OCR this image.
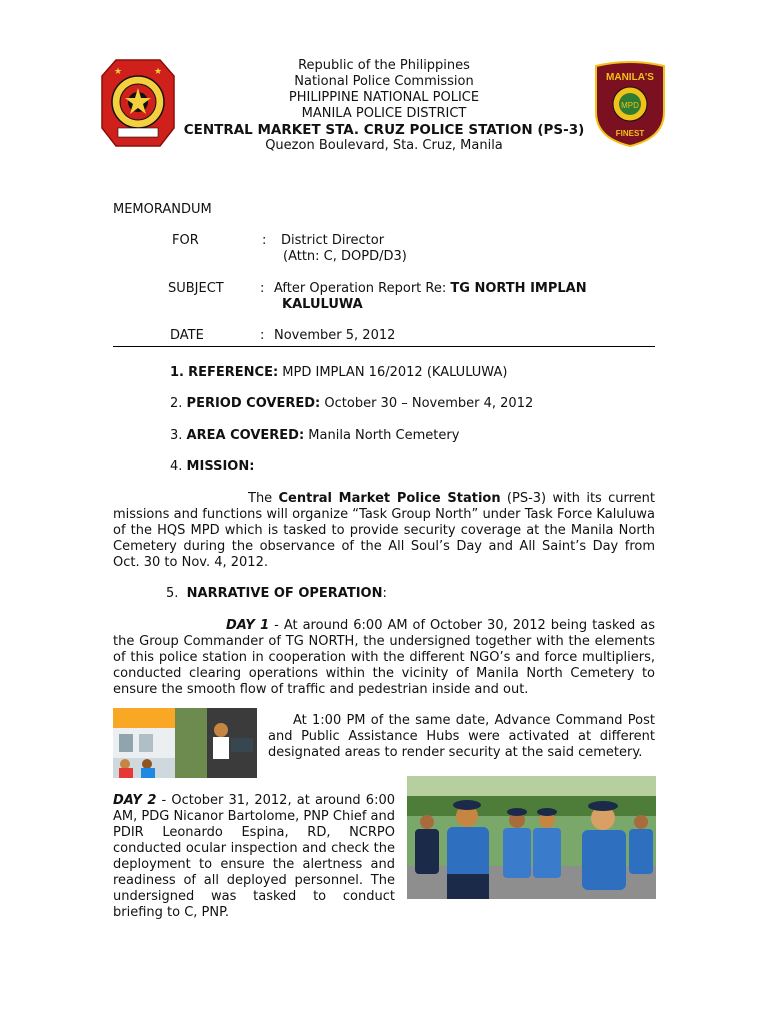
★	★	MANILA'S
MPD
FINEST
Republic of the Philippines
National Police Commission
PHILIPPINE NATIONAL POLICE
MANILA POLICE DISTRICT
CENTRAL MARKET STA. CRUZ POLICE STATION (PS-3)
Quezon Boulevard, Sta. Cruz, Manila
MEMORANDUM
FOR	: District Director
(Attn: C, DOPD/D3)
SUBJECT	: After Operation Report Re: TG NORTH IMPLAN
KALULUWA
DATE	: November 5, 2012
1. REFERENCE: MPD IMPLAN 16/2012 (KALULUWA)
2. PERIOD COVERED: October 30 – November 4, 2012
3. AREA COVERED: Manila North Cemetery
4. MISSION:
The Central Market Police Station (PS-3) with its current missions and functions will organize “Task Group North” under Task Force Kaluluwa of the HQS MPD which is tasked to provide security coverage at the Manila North Cemetery during the observance of the All Soul’s Day and All Saint’s Day from Oct. 30 to Nov. 4, 2012.
5. NARRATIVE OF OPERATION:
DAY 1 - At around 6:00 AM of October 30, 2012 being tasked as the Group Commander of TG NORTH, the undersigned together with the elements of this police station in cooperation with the different NGO’s and force multipliers, conducted clearing operations within the vicinity of Manila North Cemetery to ensure the smooth flow of traffic and pedestrian inside and out.
At 1:00 PM of the same date, Advance Command Post and Public Assistance Hubs were activated at different designated areas to render security at the said cemetery.
DAY 2 - October 31, 2012, at around 6:00 AM, PDG Nicanor Bartolome, PNP Chief and PDIR Leonardo Espina, RD, NCRPO conducted ocular inspection and check the deployment to ensure the alertness and readiness of all deployed personnel. The undersigned was tasked to conduct briefing to C, PNP.
